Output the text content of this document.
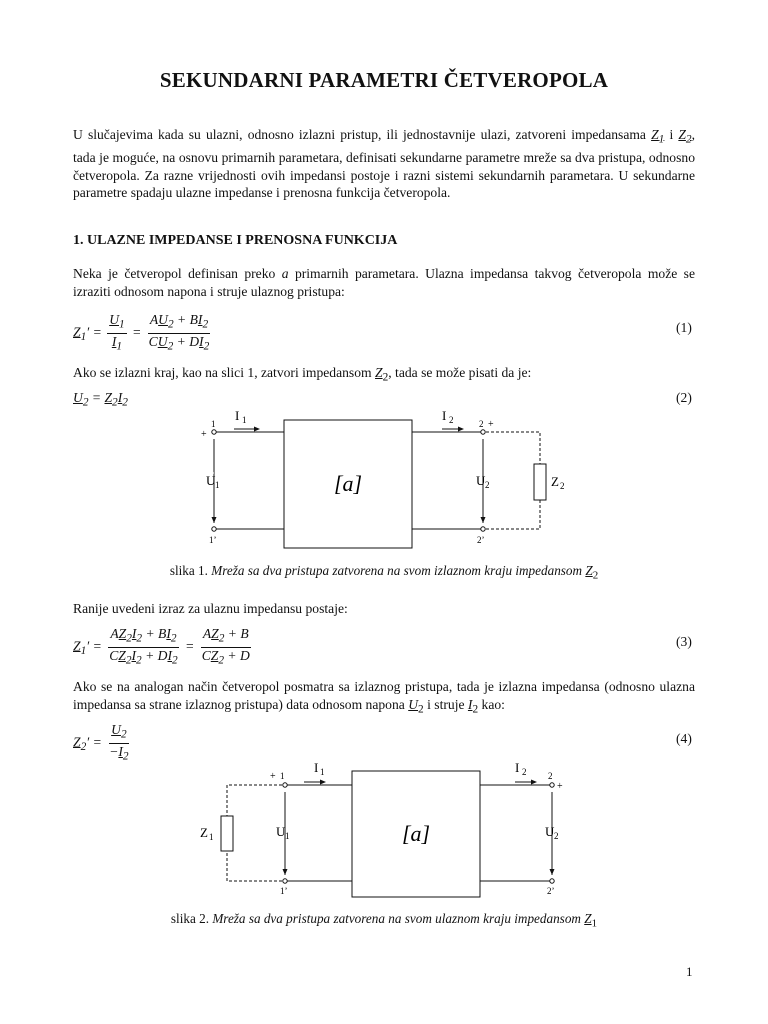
SEKUNDARNI PARAMETRI ČETVEROPOLA
U slučajevima kada su ulazni, odnosno izlazni pristup, ili jednostavnije ulazi, zatvoreni impedansama $Z_1$ i $Z_2$, tada je moguće, na osnovu primarnih parametara, definisati sekundarne parametre mreže sa dva pristupa, odnosno četveropola. Za razne vrijednosti ovih impedansi postoje i razni sistemi sekundarnih parametara. U sekundarne parametre spadaju ulazne impedanse i prenosna funkcija četveropola.
1. ULAZNE IMPEDANSE I PRENOSNA FUNKCIJA
Neka je četveropol definisan preko a primarnih parametara. Ulazna impedansa takvog četveropola može se izraziti odnosom napona i struje ulaznog pristupa:
$Z_1' = \frac{U_1}{I_1} = \frac{AU_2 + BI_2}{CU_2 + DI_2}$	(1)
Ako se izlazni kraj, kao na slici 1, zatvori impedansom $Z_2$, tada se može pisati da je:
$U_2 = Z_2I_2$	(2)
[a]
I 1
U 1
+
1
1’
I 2
U 2
2 +
2’
Z 2
slika 1. Mreža sa dva pristupa zatvorena na svom izlaznom kraju impedansom $Z_2$
Ranije uvedeni izraz za ulaznu impedansu postaje:
$Z_1' = \frac{AZ_2I_2 + BI_2}{CZ_2I_2 + DI_2} = \frac{AZ_2 + B}{CZ_2 + D}$	(3)
Ako se na analogan način četveropol posmatra sa izlaznog pristupa, tada je izlazna impedansa (odnosno ulazna impedansa sa strane izlaznog pristupa) data odnosom napona $U_2$ i struje $I_2$ kao:
$Z_2' = \frac{U_2}{-I_2}$	(4)
[a]
I 1
U 1
+ 1
1’
Z 1
I 2
U 2
2
+
2’
slika 2. Mreža sa dva pristupa zatvorena na svom ulaznom kraju impedansom $Z_1$
1
